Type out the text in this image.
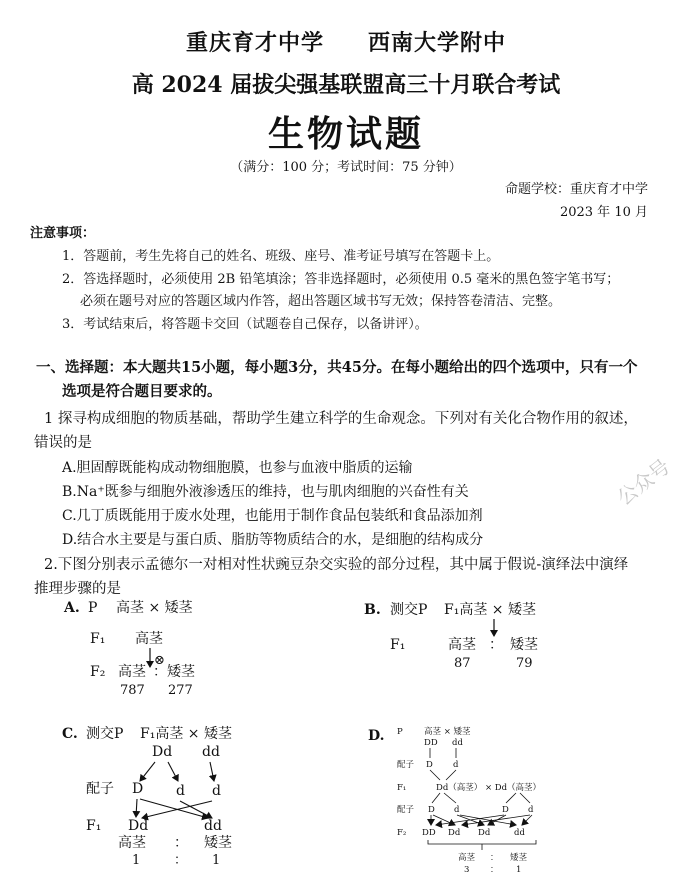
重庆育才中学 西南大学附中
高 2024 届拔尖强基联盟高三十月联合考试
生物试题
（满分：100 分；考试时间：75 分钟）
命题学校：重庆育才中学
2023 年 10 月
注意事项：
1．答题前，考生先将自己的姓名、班级、座号、准考证号填写在答题卡上。
2．答选择题时，必须使用 2B 铅笔填涂；答非选择题时，必须使用 0.5 毫米的黑色签字笔书写；
必须在题号对应的答题区域内作答，超出答题区域书写无效；保持答卷清洁、完整。
3．考试结束后，将答题卡交回（试题卷自己保存，以备讲评）。
一、选择题：本大题共15小题，每小题3分，共45分。在每小题给出的四个选项中，只有一个
选项是符合题目要求的。
1 探寻构成细胞的物质基础，帮助学生建立科学的生命观念。下列对有关化合物作用的叙述，
错误的是
A.胆固醇既能构成动物细胞膜，也参与血液中脂质的运输
B.Na⁺既参与细胞外液渗透压的维持，也与肌肉细胞的兴奋性有关
C.几丁质既能用于废水处理，也能用于制作食品包装纸和食品添加剂
D.结合水主要是与蛋白质、脂肪等物质结合的水，是细胞的结构成分
2.下图分别表示孟德尔一对相对性状豌豆杂交实验的部分过程，其中属于假说-演绎法中演绎
推理步骤的是
A. P 高茎 × 矮茎
F₁ 高茎
⊗
F₂ 高茎 ： 矮茎
787 277
B. 测交P F₁高茎 × 矮茎
F₁	高茎 ： 矮茎
87	79
C. 测交P F₁高茎 × 矮茎
Dd dd
配子 D d d
F₁ Dd	dd
高茎 ： 矮茎
1	： 1
D. P	高茎 × 矮茎
DD dd
配子 D d
F₁	Dd（高茎） × Dd（高茎）
配子 D d	D d
F₂ DD Dd Dd	dd
高茎 ： 矮茎
3 ： 1
公众号
